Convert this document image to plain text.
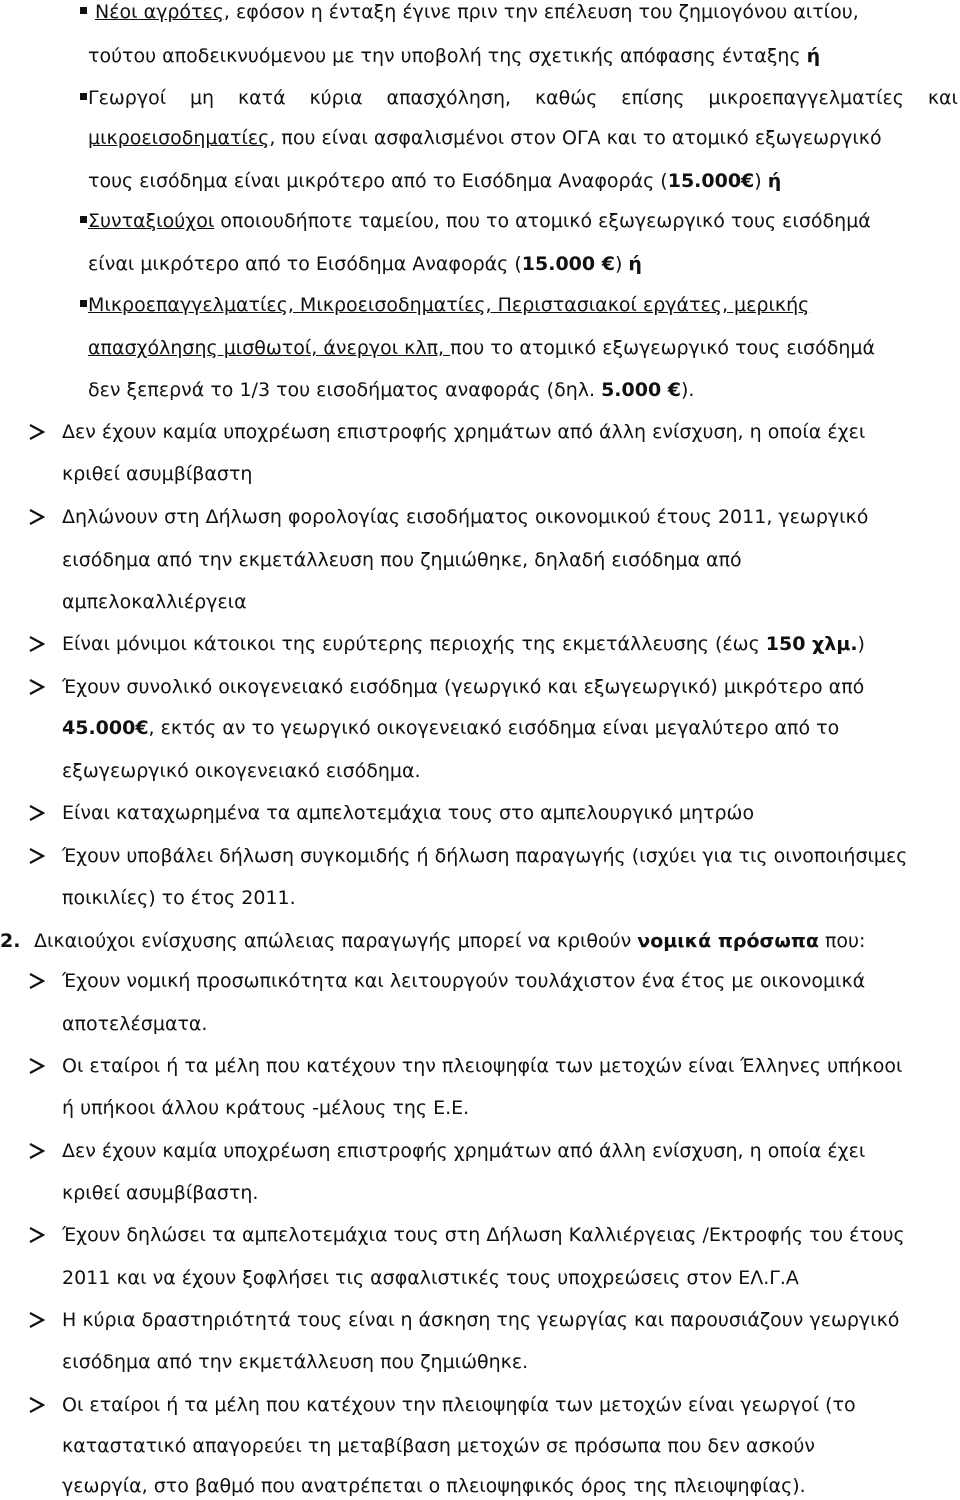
Νέοι αγρότες, εφόσον η ένταξη έγινε πριν την επέλευση του ζημιογόνου αιτίου,
τούτου αποδεικνυόμενου με την υποβολή της σχετικής απόφασης ένταξης ή
Γεωργοί μη κατά κύρια απασχόληση, καθώς επίσης μικροεπαγγελματίες και
μικροεισοδηματίες, που είναι ασφαλισμένοι στον ΟΓΑ και το ατομικό εξωγεωργικό
τους εισόδημα είναι μικρότερο από το Εισόδημα Αναφοράς (15.000€) ή
Συνταξιούχοι οποιουδήποτε ταμείου, που το ατομικό εξωγεωργικό τους εισόδημά
είναι μικρότερο από το Εισόδημα Αναφοράς (15.000 €) ή
Μικροεπαγγελματίες, Μικροεισοδηματίες, Περιστασιακοί εργάτες, μερικής
απασχόλησης μισθωτοί, άνεργοι κλπ, που το ατομικό εξωγεωργικό τους εισόδημά
δεν ξεπερνά το 1/3 του εισοδήματος αναφοράς (δηλ. 5.000 €).
Δεν έχουν καμία υποχρέωση επιστροφής χρημάτων από άλλη ενίσχυση, η οποία έχει
κριθεί ασυμβίβαστη
Δηλώνουν στη Δήλωση φορολογίας εισοδήματος οικονομικού έτους 2011, γεωργικό
εισόδημα από την εκμετάλλευση που ζημιώθηκε, δηλαδή εισόδημα από
αμπελοκαλλιέργεια
Είναι μόνιμοι κάτοικοι της ευρύτερης περιοχής της εκμετάλλευσης (έως 150 χλμ.)
Έχουν συνολικό οικογενειακό εισόδημα (γεωργικό και εξωγεωργικό) μικρότερο από
45.000€, εκτός αν το γεωργικό οικογενειακό εισόδημα είναι μεγαλύτερο από το
εξωγεωργικό οικογενειακό εισόδημα.
Είναι καταχωρημένα τα αμπελοτεμάχια τους στο αμπελουργικό μητρώο
Έχουν υποβάλει δήλωση συγκομιδής ή δήλωση παραγωγής (ισχύει για τις οινοποιήσιμες
ποικιλίες) το έτος 2011.
2. Δικαιούχοι ενίσχυσης απώλειας παραγωγής μπορεί να κριθούν νομικά πρόσωπα που:
Έχουν νομική προσωπικότητα και λειτουργούν τουλάχιστον ένα έτος με οικονομικά
αποτελέσματα.
Οι εταίροι ή τα μέλη που κατέχουν την πλειοψηφία των μετοχών είναι Έλληνες υπήκοοι
ή υπήκοοι άλλου κράτους -μέλους της Ε.Ε.
Δεν έχουν καμία υποχρέωση επιστροφής χρημάτων από άλλη ενίσχυση, η οποία έχει
κριθεί ασυμβίβαστη.
Έχουν δηλώσει τα αμπελοτεμάχια τους στη Δήλωση Καλλιέργειας /Εκτροφής του έτους
2011 και να έχουν ξοφλήσει τις ασφαλιστικές τους υποχρεώσεις στον ΕΛ.Γ.Α
Η κύρια δραστηριότητά τους είναι η άσκηση της γεωργίας και παρουσιάζουν γεωργικό
εισόδημα από την εκμετάλλευση που ζημιώθηκε.
Οι εταίροι ή τα μέλη που κατέχουν την πλειοψηφία των μετοχών είναι γεωργοί (το
καταστατικό απαγορεύει τη μεταβίβαση μετοχών σε πρόσωπα που δεν ασκούν
γεωργία, στο βαθμό που ανατρέπεται ο πλειοψηφικός όρος της πλειοψηφίας).
